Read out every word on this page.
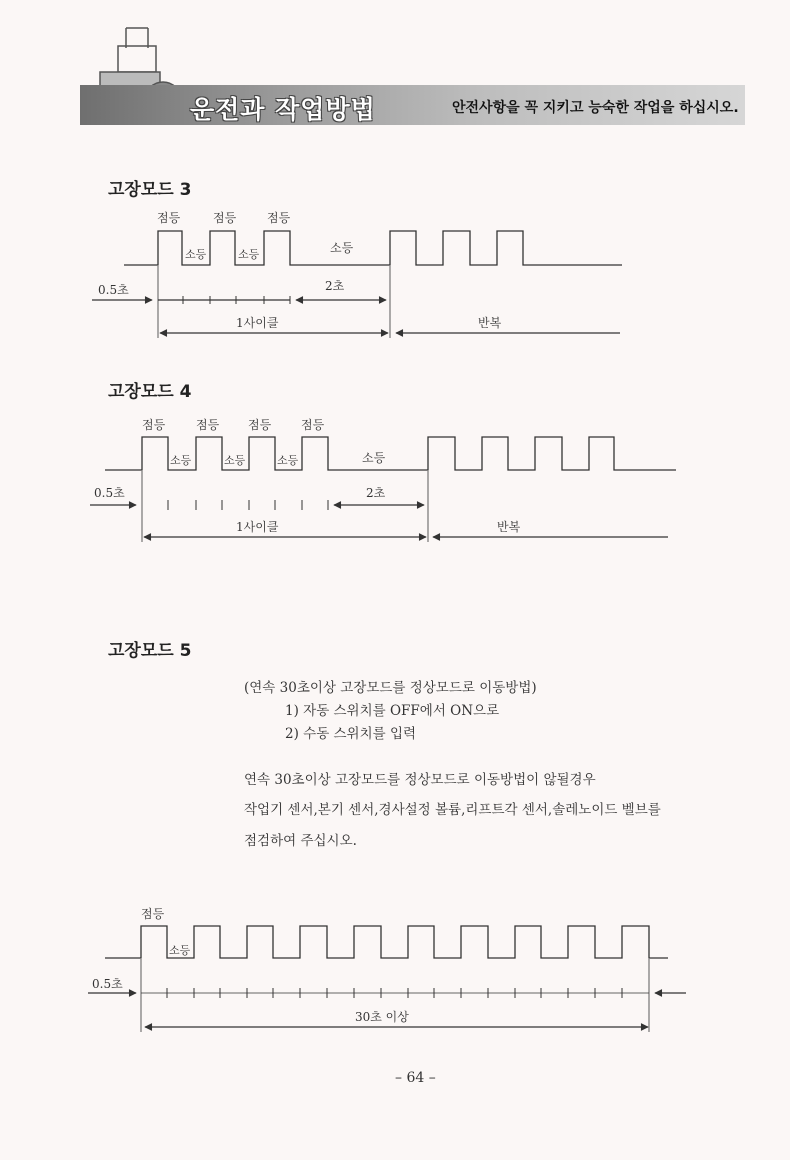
운전과 작업방법	안전사항을 꼭 지키고 능숙한 작업을 하십시오.
고장모드 3
고장모드 4
고장모드 5
점등	점등	점등
소등	소등	소등
0.5초	2초
1사이클	반복
점등	점등 점등 점등
소등	소등	소등	소등
0.5초	2초
1사이클	반복
점등
소등
0.5초
30초 이상
(연속 30초이상 고장모드를 정상모드로 이동방법)
1) 자동 스위치를 OFF에서 ON으로
2) 수동 스위치를 입력
연속 30초이상 고장모드를 정상모드로 이동방법이 않될경우
작업기 센서,본기 센서,경사설정 볼륨,리프트각 센서,솔레노이드 벨브를
점검하여 주십시오.
– 64 –
